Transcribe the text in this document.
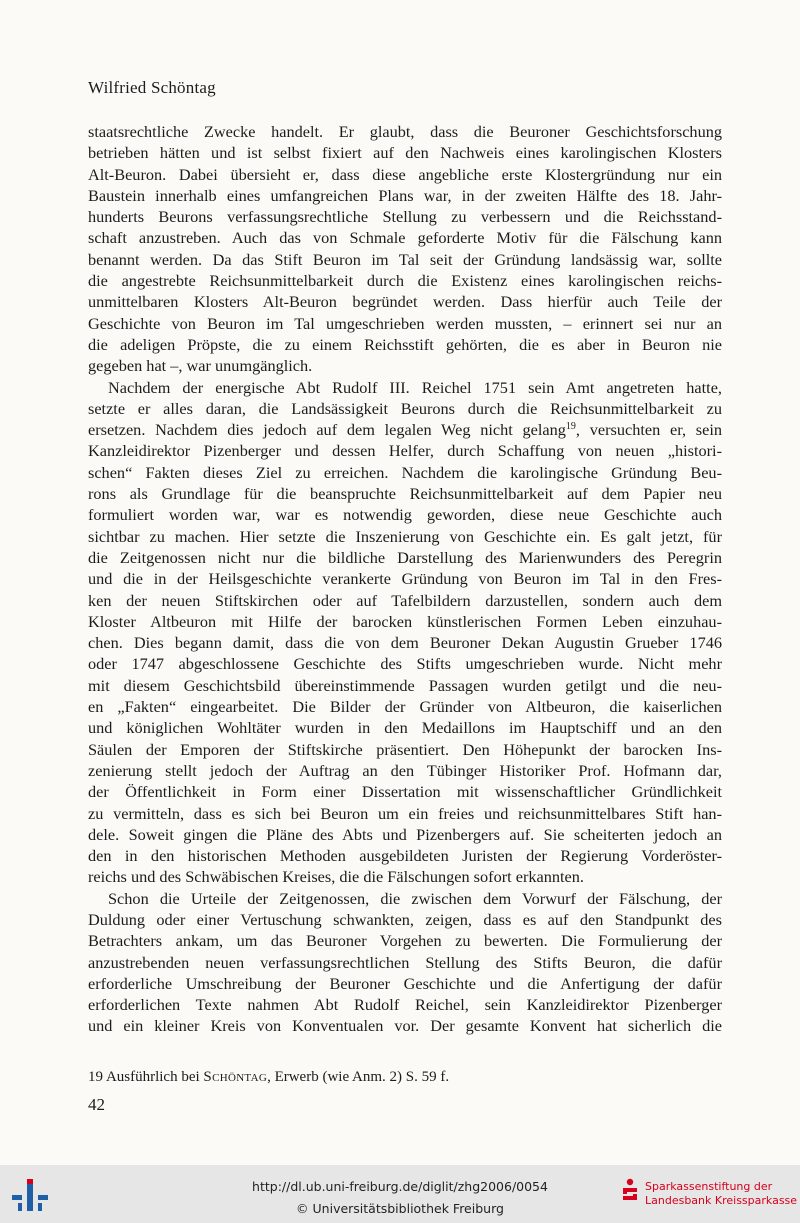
Wilfried Schöntag
staatsrechtliche Zwecke handelt. Er glaubt, dass die Beuroner Geschichtsforschung
betrieben hätten und ist selbst fixiert auf den Nachweis eines karolingischen Klosters
Alt-Beuron. Dabei übersieht er, dass diese angebliche erste Klostergründung nur ein
Baustein innerhalb eines umfangreichen Plans war, in der zweiten Hälfte des 18. Jahr-
hunderts Beurons verfassungsrechtliche Stellung zu verbessern und die Reichsstand-
schaft anzustreben. Auch das von Schmale geforderte Motiv für die Fälschung kann
benannt werden. Da das Stift Beuron im Tal seit der Gründung landsässig war, sollte
die angestrebte Reichsunmittelbarkeit durch die Existenz eines karolingischen reichs-
unmittelbaren Klosters Alt-Beuron begründet werden. Dass hierfür auch Teile der
Geschichte von Beuron im Tal umgeschrieben werden mussten, – erinnert sei nur an
die adeligen Pröpste, die zu einem Reichsstift gehörten, die es aber in Beuron nie
gegeben hat –, war unumgänglich.
Nachdem der energische Abt Rudolf III. Reichel 1751 sein Amt angetreten hatte,
setzte er alles daran, die Landsässigkeit Beurons durch die Reichsunmittelbarkeit zu
ersetzen. Nachdem dies jedoch auf dem legalen Weg nicht gelang$^{19}$, versuchten er, sein
Kanzleidirektor Pizenberger und dessen Helfer, durch Schaffung von neuen „histori-
schen“ Fakten dieses Ziel zu erreichen. Nachdem die karolingische Gründung Beu-
rons als Grundlage für die beanspruchte Reichsunmittelbarkeit auf dem Papier neu
formuliert worden war, war es notwendig geworden, diese neue Geschichte auch
sichtbar zu machen. Hier setzte die Inszenierung von Geschichte ein. Es galt jetzt, für
die Zeitgenossen nicht nur die bildliche Darstellung des Marienwunders des Peregrin
und die in der Heilsgeschichte verankerte Gründung von Beuron im Tal in den Fres-
ken der neuen Stiftskirchen oder auf Tafelbildern darzustellen, sondern auch dem
Kloster Altbeuron mit Hilfe der barocken künstlerischen Formen Leben einzuhau-
chen. Dies begann damit, dass die von dem Beuroner Dekan Augustin Grueber 1746
oder 1747 abgeschlossene Geschichte des Stifts umgeschrieben wurde. Nicht mehr
mit diesem Geschichtsbild übereinstimmende Passagen wurden getilgt und die neu-
en „Fakten“ eingearbeitet. Die Bilder der Gründer von Altbeuron, die kaiserlichen
und königlichen Wohltäter wurden in den Medaillons im Hauptschiff und an den
Säulen der Emporen der Stiftskirche präsentiert. Den Höhepunkt der barocken Ins-
zenierung stellt jedoch der Auftrag an den Tübinger Historiker Prof. Hofmann dar,
der Öffentlichkeit in Form einer Dissertation mit wissenschaftlicher Gründlichkeit
zu vermitteln, dass es sich bei Beuron um ein freies und reichsunmittelbares Stift han-
dele. Soweit gingen die Pläne des Abts und Pizenbergers auf. Sie scheiterten jedoch an
den in den historischen Methoden ausgebildeten Juristen der Regierung Vorderöster-
reichs und des Schwäbischen Kreises, die die Fälschungen sofort erkannten.
Schon die Urteile der Zeitgenossen, die zwischen dem Vorwurf der Fälschung, der
Duldung oder einer Vertuschung schwankten, zeigen, dass es auf den Standpunkt des
Betrachters ankam, um das Beuroner Vorgehen zu bewerten. Die Formulierung der
anzustrebenden neuen verfassungsrechtlichen Stellung des Stifts Beuron, die dafür
erforderliche Umschreibung der Beuroner Geschichte und die Anfertigung der dafür
erforderlichen Texte nahmen Abt Rudolf Reichel, sein Kanzleidirektor Pizenberger
und ein kleiner Kreis von Konventualen vor. Der gesamte Konvent hat sicherlich die
19 Ausführlich bei Schöntag, Erwerb (wie Anm. 2) S. 59 f.
42
http://dl.ub.uni-freiburg.de/diglit/zhg2006/0054
© Universitätsbibliothek Freiburg
Sparkassenstiftung der
Landesbank Kreissparkasse
